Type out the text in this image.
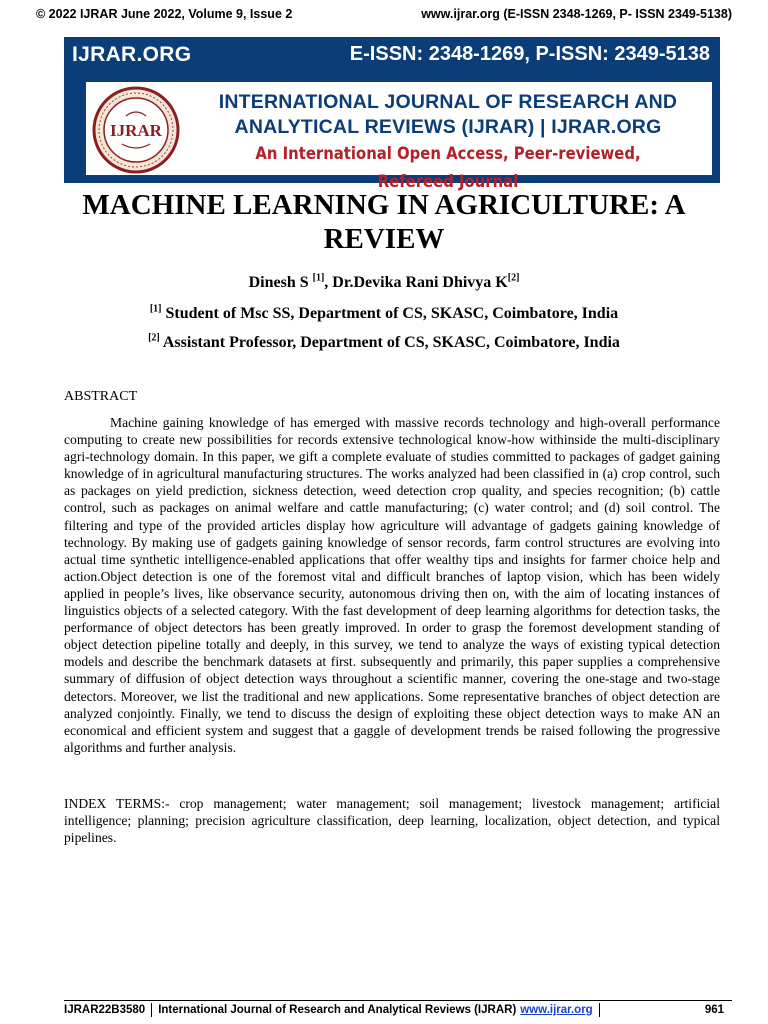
© 2022 IJRAR June 2022, Volume 9, Issue 2	www.ijrar.org (E-ISSN 2348-1269, P- ISSN 2349-5138)
IJRAR.ORG	E-ISSN: 2348-1269, P-ISSN: 2349-5138
IJRAR
INTERNATIONAL JOURNAL OF RESEARCH AND
ANALYTICAL REVIEWS (IJRAR) | IJRAR.ORG
An International Open Access, Peer-reviewed, Refereed Journal
MACHINE LEARNING IN AGRICULTURE: A REVIEW
Dinesh S [1], Dr.Devika Rani Dhivya K[2]
[1] Student of Msc SS, Department of CS, SKASC, Coimbatore, India
[2] Assistant Professor, Department of CS, SKASC, Coimbatore, India
ABSTRACT
Machine gaining knowledge of has emerged with massive records technology and high-overall performance computing to create new possibilities for records extensive technological know-how withinside the multi-disciplinary agri-technology domain. In this paper, we gift a complete evaluate of studies committed to packages of gadget gaining knowledge of in agricultural manufacturing structures. The works analyzed had been classified in (a) crop control, such as packages on yield prediction, sickness detection, weed detection crop quality, and species recognition; (b) cattle control, such as packages on animal welfare and cattle manufacturing; (c) water control; and (d) soil control. The filtering and type of the provided articles display how agriculture will advantage of gadgets gaining knowledge of technology. By making use of gadgets gaining knowledge of sensor records, farm control structures are evolving into actual time synthetic intelligence-enabled applications that offer wealthy tips and insights for farmer choice help and action.Object detection is one of the foremost vital and difficult branches of laptop vision, which has been widely applied in people’s lives, like observance security, autonomous driving then on, with the aim of locating instances of linguistics objects of a selected category. With the fast development of deep learning algorithms for detection tasks, the performance of object detectors has been greatly improved. In order to grasp the foremost development standing of object detection pipeline totally and deeply, in this survey, we tend to analyze the ways of existing typical detection models and describe the benchmark datasets at first. subsequently and primarily, this paper supplies a comprehensive summary of diffusion of object detection ways throughout a scientific manner, covering the one-stage and two-stage detectors. Moreover, we list the traditional and new applications. Some representative branches of object detection are analyzed conjointly. Finally, we tend to discuss the design of exploiting these object detection ways to make AN an economical and efficient system and suggest that a gaggle of development trends be raised following the progressive algorithms and further analysis.
INDEX TERMS:- crop management; water management; soil management; livestock management; artificial intelligence; planning; precision agriculture classification, deep learning, localization, object detection, and typical pipelines.
IJRAR22B3580 International Journal of Research and Analytical Reviews (IJRAR) www.ijrar.org	961
